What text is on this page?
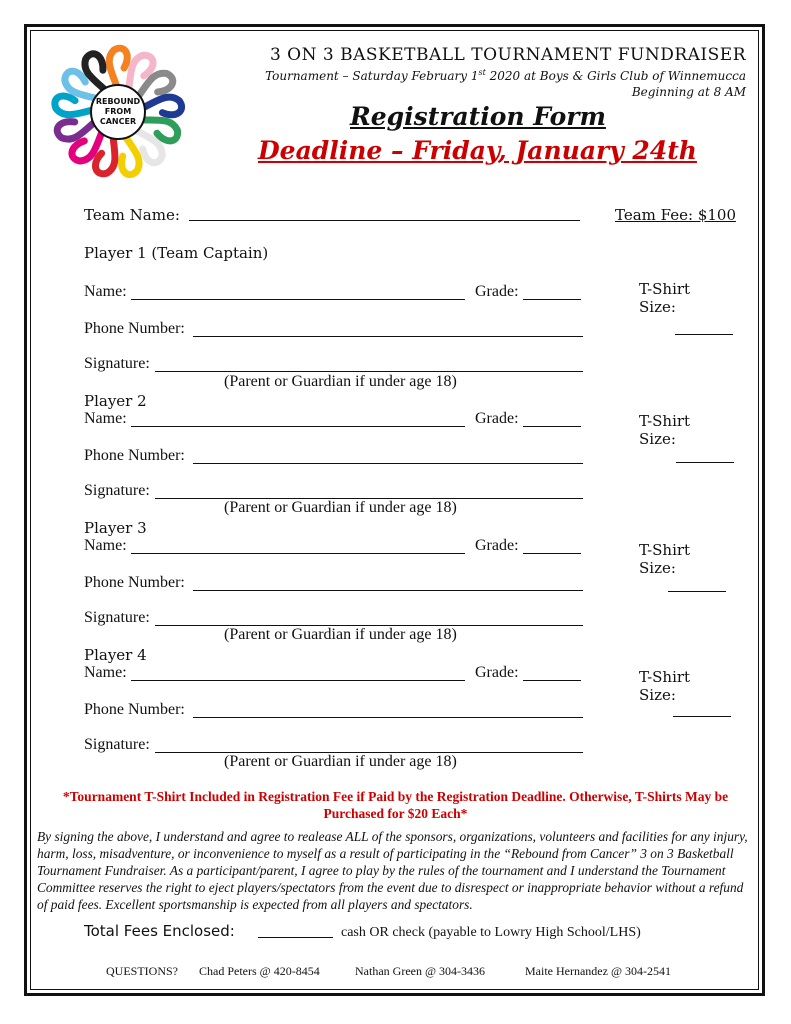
REBOUND
FROM
CANCER
3 ON 3 BASKETBALL TOURNAMENT FUNDRAISER
Tournament – Saturday February 1st 2020 at Boys & Girls Club of Winnemucca
Beginning at 8 AM
Registration Form
Deadline – Friday, January 24th
Team Name:	Team Fee: $100
Player 1 (Team Captain)
Name:	Grade:	T-Shirt
Size:
Phone Number:
Signature:
(Parent or Guardian if under age 18)
Player 2
Name:	Grade:	T-Shirt
Size:
Phone Number:
Signature:
(Parent or Guardian if under age 18)
Player 3
Name:	Grade:	T-Shirt
Size:
Phone Number:
Signature:
(Parent or Guardian if under age 18)
Player 4
Name:	Grade:	T-Shirt
Size:
Phone Number:
Signature:
(Parent or Guardian if under age 18)
*Tournament T-Shirt Included in Registration Fee if Paid by the Registration Deadline. Otherwise, T-Shirts May be Purchased for $20 Each*
By signing the above, I understand and agree to realease ALL of the sponsors, organizations, volunteers and facilities for any injury, harm, loss, misadventure, or inconvenience to myself as a result of participating in the “Rebound from Cancer” 3 on 3 Basketball Tournament Fundraiser. As a participant/parent, I agree to play by the rules of the tournament and I understand the Tournament Committee reserves the right to eject players/spectators from the event due to disrespect or inappropriate behavior without a refund of paid fees. Excellent sportsmanship is expected from all players and spectators.
Total Fees Enclosed:	cash OR check (payable to Lowry High School/LHS)
QUESTIONS? Chad Peters @ 420-8454	Nathan Green @ 304-3436	Maite Hernandez @ 304-2541
